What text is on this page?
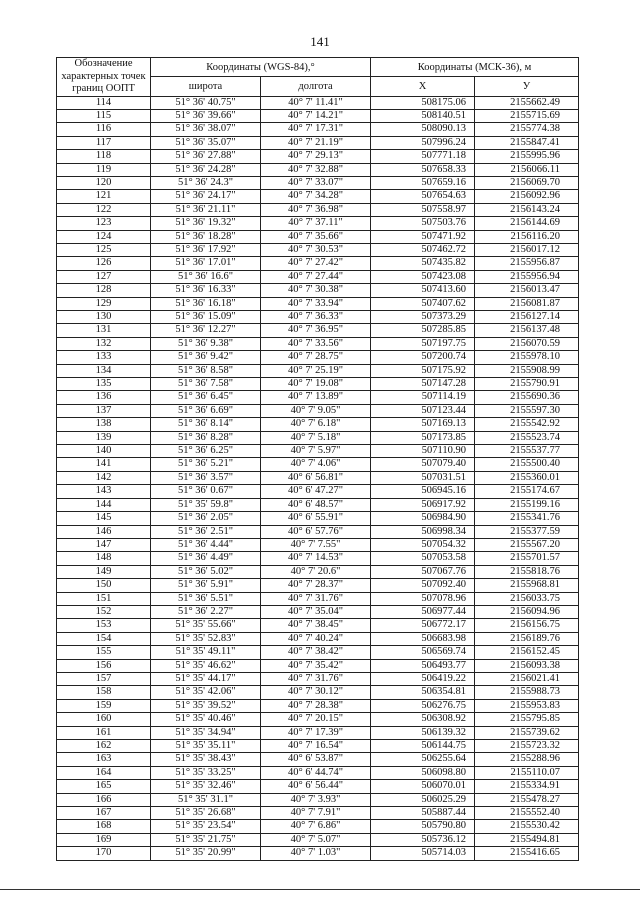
141
Обозначение характерных точек границ ООПТ	Координаты (WGS-84),°		Координаты (МСК-36), м	
	широта	долгота	X	У
114	51° 36' 40.75"	40° 7' 11.41"	508175.06	2155662.49
115	51° 36' 39.66"	40° 7' 14.21"	508140.51	2155715.69
116	51° 36' 38.07"	40° 7' 17.31"	508090.13	2155774.38
117	51° 36' 35.07"	40° 7' 21.19"	507996.24	2155847.41
118	51° 36' 27.88"	40° 7' 29.13"	507771.18	2155995.96
119	51° 36' 24.28"	40° 7' 32.88"	507658.33	2156066.11
120	51° 36' 24.3"	40° 7' 33.07"	507659.16	2156069.70
121	51° 36' 24.17"	40° 7' 34.28"	507654.63	2156092.96
122	51° 36' 21.11"	40° 7' 36.98"	507558.97	2156143.24
123	51° 36' 19.32"	40° 7' 37.11"	507503.76	2156144.69
124	51° 36' 18.28"	40° 7' 35.66"	507471.92	2156116.20
125	51° 36' 17.92"	40° 7' 30.53"	507462.72	2156017.12
126	51° 36' 17.01"	40° 7' 27.42"	507435.82	2155956.87
127	51° 36' 16.6"	40° 7' 27.44"	507423.08	2155956.94
128	51° 36' 16.33"	40° 7' 30.38"	507413.60	2156013.47
129	51° 36' 16.18"	40° 7' 33.94"	507407.62	2156081.87
130	51° 36' 15.09"	40° 7' 36.33"	507373.29	2156127.14
131	51° 36' 12.27"	40° 7' 36.95"	507285.85	2156137.48
132	51° 36' 9.38"	40° 7' 33.56"	507197.75	2156070.59
133	51° 36' 9.42"	40° 7' 28.75"	507200.74	2155978.10
134	51° 36' 8.58"	40° 7' 25.19"	507175.92	2155908.99
135	51° 36' 7.58"	40° 7' 19.08"	507147.28	2155790.91
136	51° 36' 6.45"	40° 7' 13.89"	507114.19	2155690.36
137	51° 36' 6.69"	40° 7' 9.05"	507123.44	2155597.30
138	51° 36' 8.14"	40° 7' 6.18"	507169.13	2155542.92
139	51° 36' 8.28"	40° 7' 5.18"	507173.85	2155523.74
140	51° 36' 6.25"	40° 7' 5.97"	507110.90	2155537.77
141	51° 36' 5.21"	40° 7' 4.06"	507079.40	2155500.40
142	51° 36' 3.57"	40° 6' 56.81"	507031.51	2155360.01
143	51° 36' 0.67"	40° 6' 47.27"	506945.16	2155174.67
144	51° 35' 59.8"	40° 6' 48.57"	506917.92	2155199.16
145	51° 36' 2.05"	40° 6' 55.91"	506984.90	2155341.76
146	51° 36' 2.51"	40° 6' 57.76"	506998.34	2155377.59
147	51° 36' 4.44"	40° 7' 7.55"	507054.32	2155567.20
148	51° 36' 4.49"	40° 7' 14.53"	507053.58	2155701.57
149	51° 36' 5.02"	40° 7' 20.6"	507067.76	2155818.76
150	51° 36' 5.91"	40° 7' 28.37"	507092.40	2155968.81
151	51° 36' 5.51"	40° 7' 31.76"	507078.96	2156033.75
152	51° 36' 2.27"	40° 7' 35.04"	506977.44	2156094.96
153	51° 35' 55.66"	40° 7' 38.45"	506772.17	2156156.75
154	51° 35' 52.83"	40° 7' 40.24"	506683.98	2156189.76
155	51° 35' 49.11"	40° 7' 38.42"	506569.74	2156152.45
156	51° 35' 46.62"	40° 7' 35.42"	506493.77	2156093.38
157	51° 35' 44.17"	40° 7' 31.76"	506419.22	2156021.41
158	51° 35' 42.06"	40° 7' 30.12"	506354.81	2155988.73
159	51° 35' 39.52"	40° 7' 28.38"	506276.75	2155953.83
160	51° 35' 40.46"	40° 7' 20.15"	506308.92	2155795.85
161	51° 35' 34.94"	40° 7' 17.39"	506139.32	2155739.62
162	51° 35' 35.11"	40° 7' 16.54"	506144.75	2155723.32
163	51° 35' 38.43"	40° 6' 53.87"	506255.64	2155288.96
164	51° 35' 33.25"	40° 6' 44.74"	506098.80	2155110.07
165	51° 35' 32.46"	40° 6' 56.44"	506070.01	2155334.91
166	51° 35' 31.1"	40° 7' 3.93"	506025.29	2155478.27
167	51° 35' 26.68"	40° 7' 7.91"	505887.44	2155552.40
168	51° 35' 23.54"	40° 7' 6.86"	505790.80	2155530.42
169	51° 35' 21.75"	40° 7' 5.07"	505736.12	2155494.81
170	51° 35' 20.99"	40° 7' 1.03"	505714.03	2155416.65
